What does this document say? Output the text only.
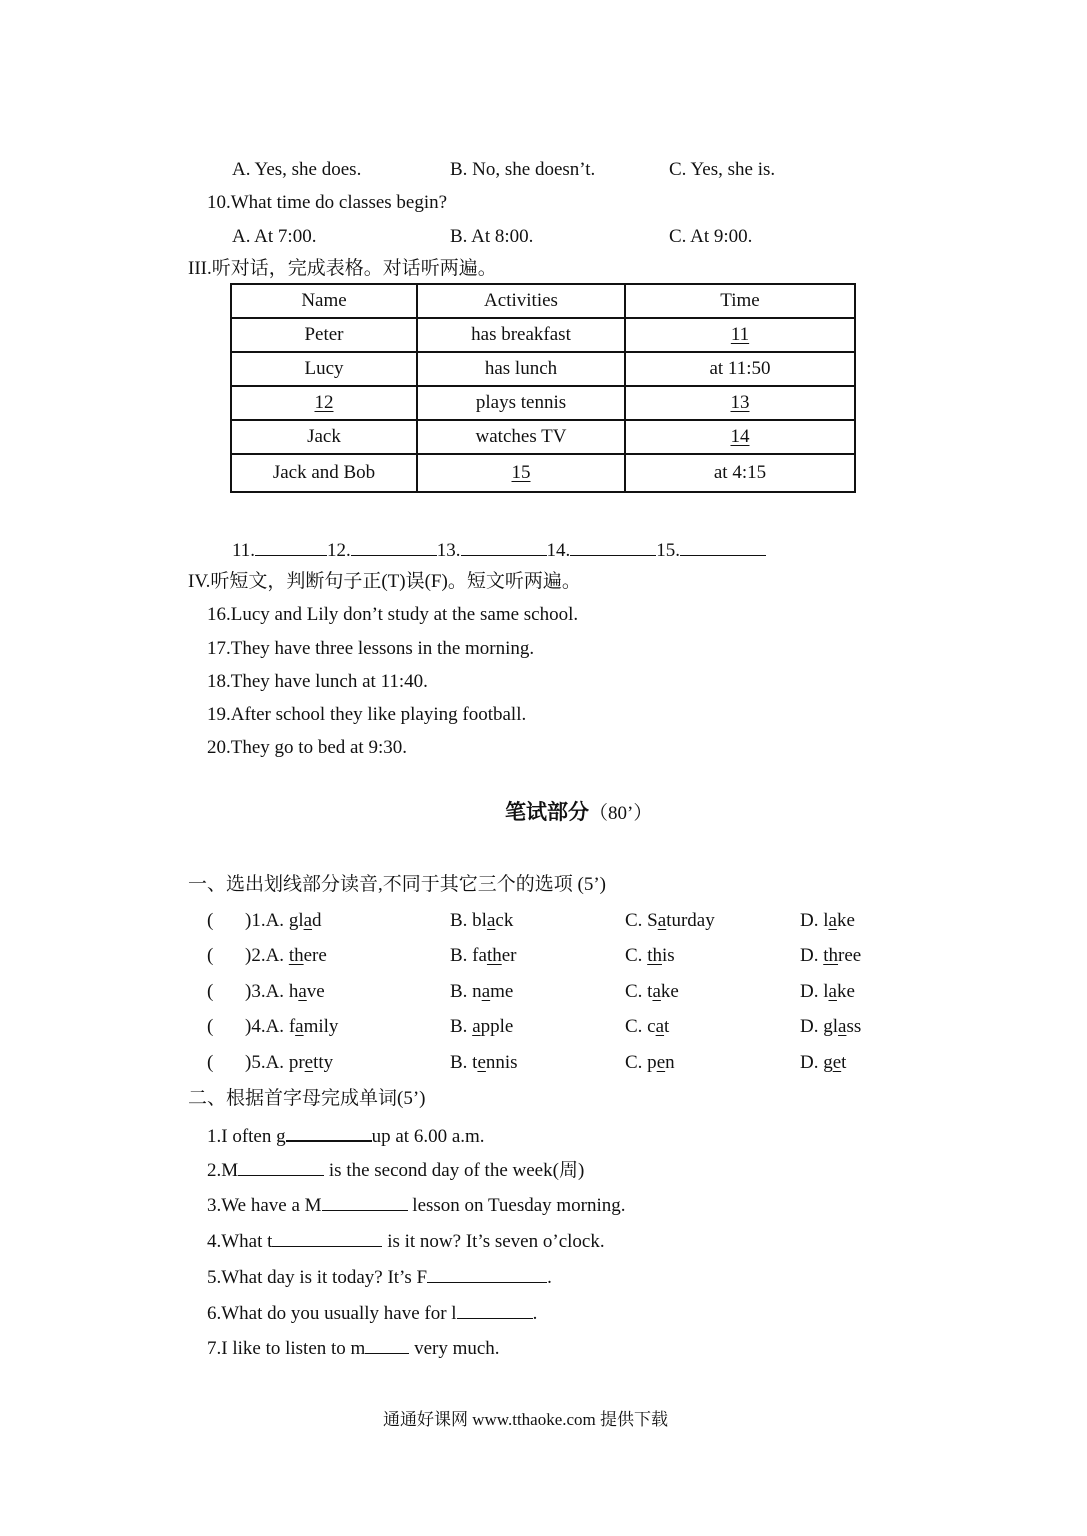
A. Yes, she does.	B. No, she doesn’t.	C. Yes, she is.
10.What time do classes begin?
A. At 7:00.	B. At 8:00.	C. At 9:00.
III.听对话，完成表格。对话听两遍。
Name	Activities	Time
Peter	has breakfast	11
Lucy	has lunch	at 11:50
12	plays tennis	13
Jack	watches TV	14
Jack and Bob	15	at 4:15
11.	12.	13.	14.	15.
IV.听短文，判断句子正(T)误(F)。短文听两遍。
16.Lucy and Lily don’t study at the same school.
17.They have three lessons in the morning.
18.They have lunch at 11:40.
19.After school they like playing football.
20.They go to bed at 9:30.
笔试部分（80’）
一、选出划线部分读音,不同于其它三个的选项 (5’)
( )1.A. glad	B. black	C. Saturday	D. lake
( )2.A. there	B. father	C. this	D. three
( )3.A. have	B. name	C. take	D. lake
( )4.A. family	B. apple	C. cat	D. glass
( )5.A. pretty	B. tennis	C. pen	D. get
二、根据首字母完成单词(5’)
1.I often g	up at 6.00 a.m.
2.M	is the second day of the week(周)
3.We have a M	lesson on Tuesday morning.
4.What t	is it now? It’s seven o’clock.
5.What day is it today? It’s F	.
6.What do you usually have for l	.
7.I like to listen to m very much.
通通好课网 www.tthaoke.com 提供下载
